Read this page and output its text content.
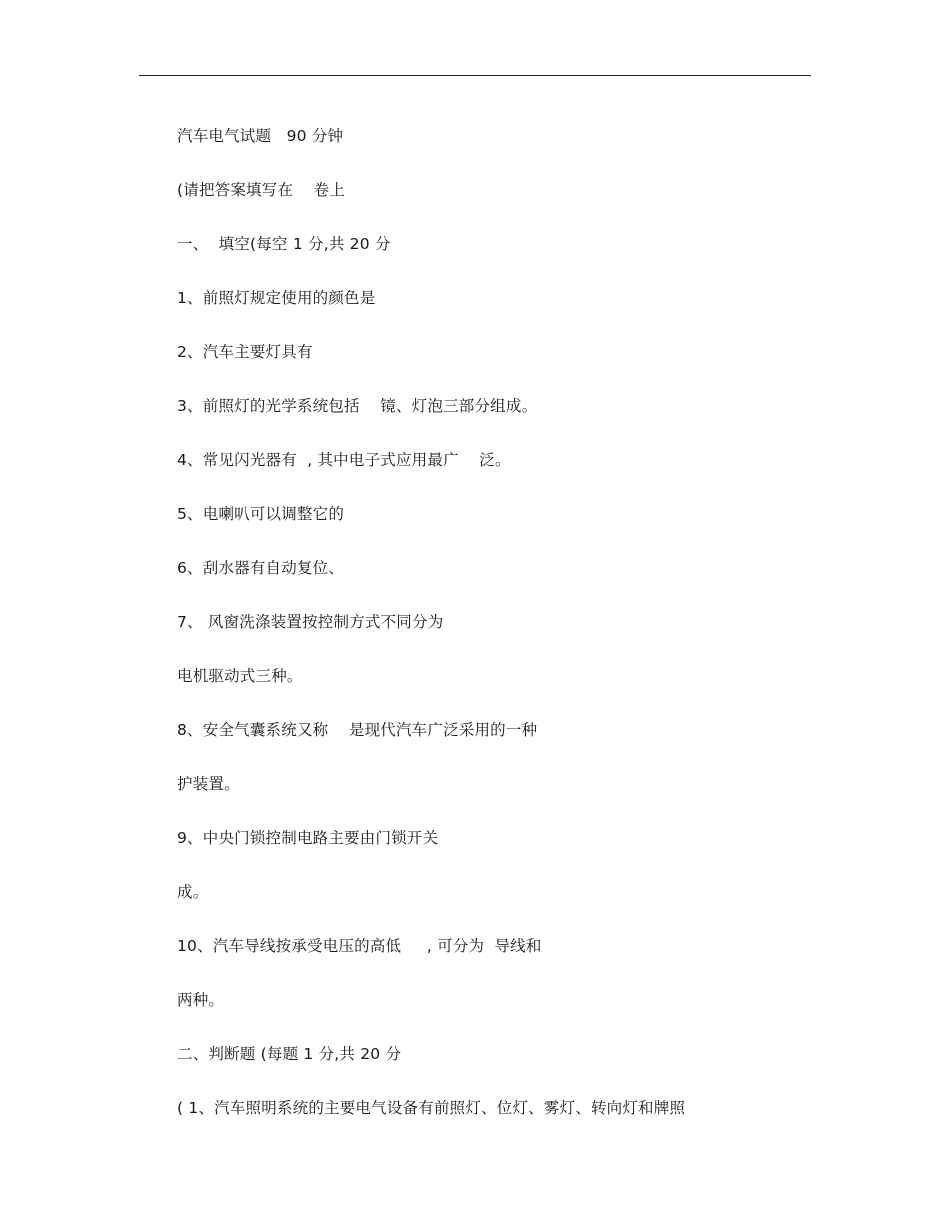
汽车电气试题   90 分钟
(请把答案填写在    卷上
一、  填空(每空 1 分,共 20 分
1、前照灯规定使用的颜色是
2、汽车主要灯具有
3、前照灯的光学系统包括    镜、灯泡三部分组成。
4、常见闪光器有  , 其中电子式应用最广    泛。
5、电喇叭可以调整它的
6、刮水器有自动复位、
7、 风窗洗涤装置按控制方式不同分为
电机驱动式三种。
8、安全气囊系统又称    是现代汽车广泛采用的一种
护装置。
9、中央门锁控制电路主要由门锁开关
成。
10、汽车导线按承受电压的高低     , 可分为  导线和
两种。
二、判断题 (每题 1 分,共 20 分
( 1、汽车照明系统的主要电气设备有前照灯、位灯、雾灯、转向灯和牌照
